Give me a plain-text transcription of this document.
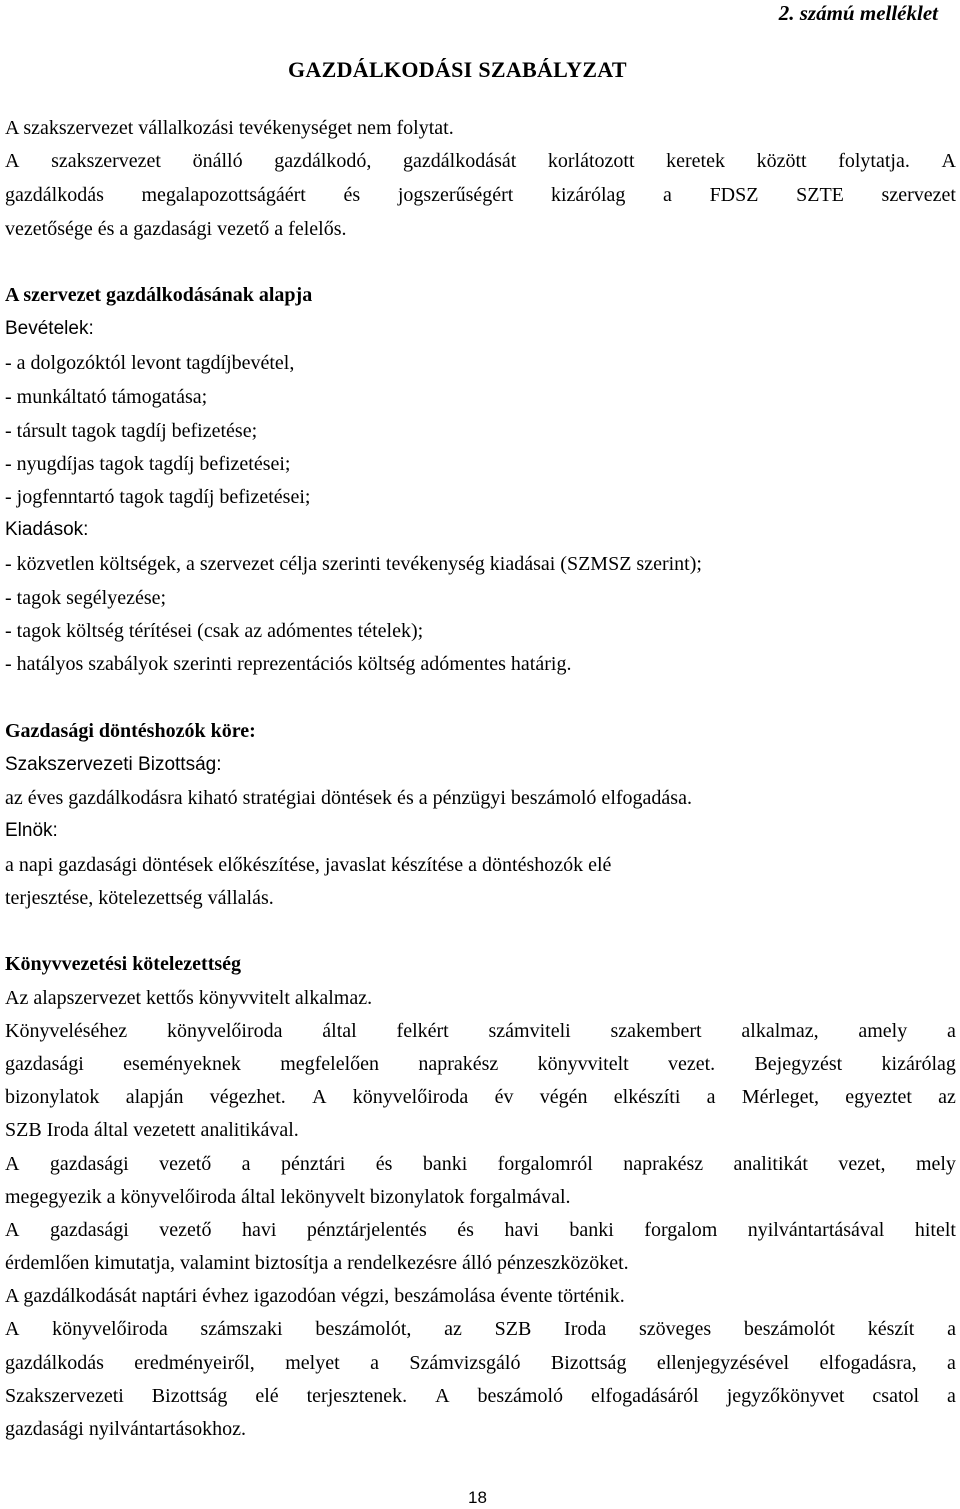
2. számú melléklet
GAZDÁLKODÁSI SZABÁLYZAT
A szakszervezet vállalkozási tevékenységet nem folytat.
A szakszervezet önálló gazdálkodó, gazdálkodását korlátozott keretek között folytatja. A
gazdálkodás megalapozottságáért és jogszerűségért kizárólag a FDSZ SZTE szervezet
vezetősége és a gazdasági vezető a felelős.
A szervezet gazdálkodásának alapja
Bevételek:
- a dolgozóktól levont tagdíjbevétel,
- munkáltató támogatása;
- társult tagok tagdíj befizetése;
- nyugdíjas tagok tagdíj befizetései;
- jogfenntartó tagok tagdíj befizetései;
Kiadások:
- közvetlen költségek, a szervezet célja szerinti tevékenység kiadásai (SZMSZ szerint);
- tagok segélyezése;
- tagok költség térítései (csak az adómentes tételek);
- hatályos szabályok szerinti reprezentációs költség adómentes határig.
Gazdasági döntéshozók köre:
Szakszervezeti Bizottság:
az éves gazdálkodásra kiható stratégiai döntések és a pénzügyi beszámoló elfogadása.
Elnök:
a napi gazdasági döntések előkészítése, javaslat készítése a döntéshozók elé
terjesztése, kötelezettség vállalás.
Könyvvezetési kötelezettség
Az alapszervezet kettős könyvvitelt alkalmaz.
Könyveléséhez könyvelőiroda által felkért számviteli szakembert alkalmaz, amely a
gazdasági eseményeknek megfelelően naprakész könyvvitelt vezet. Bejegyzést kizárólag
bizonylatok alapján végezhet. A könyvelőiroda év végén elkészíti a Mérleget, egyeztet az
SZB Iroda által vezetett analitikával.
A gazdasági vezető a pénztári és banki forgalomról naprakész analitikát vezet, mely
megegyezik a könyvelőiroda által lekönyvelt bizonylatok forgalmával.
A gazdasági vezető havi pénztárjelentés és havi banki forgalom nyilvántartásával hitelt
érdemlően kimutatja, valamint biztosítja a rendelkezésre álló pénzeszközöket.
A gazdálkodását naptári évhez igazodóan végzi, beszámolása évente történik.
A könyvelőiroda számszaki beszámolót, az SZB Iroda szöveges beszámolót készít a
gazdálkodás eredményeiről, melyet a Számvizsgáló Bizottság ellenjegyzésével elfogadásra, a
Szakszervezeti Bizottság elé terjesztenek. A beszámoló elfogadásáról jegyzőkönyvet csatol a
gazdasági nyilvántartásokhoz.
18
